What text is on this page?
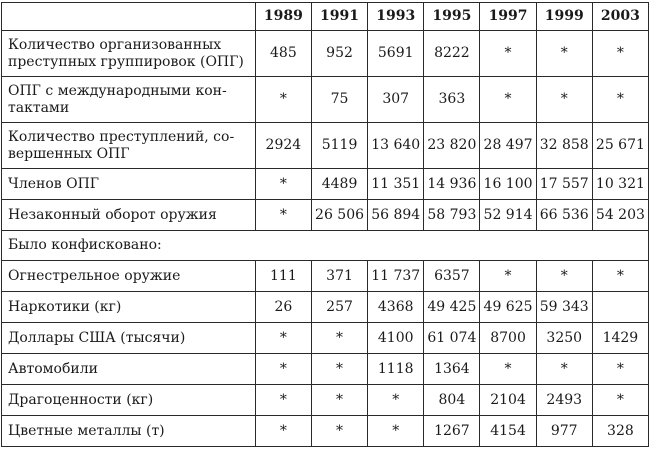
	1989	1991	1993	1995	1997	1999	2003
Количество организованных преступных группировок (ОПГ)	485	952	5691	8222	*	*	*
ОПГ с международными кон-тактами	*	75	307	363	*	*	*
Количество преступлений, со-вершенных ОПГ	2924	5119	13 640	23 820	28 497	32 858	25 671
Членов ОПГ	*	4489	11 351	14 936	16 100	17 557	10 321
Незаконный оборот оружия	*	26 506	56 894	58 793	52 914	66 536	54 203
Было конфисковано:							
Огнестрельное оружие	111	371	11 737	6357	*	*	*
Наркотики (кг)	26	257	4368	49 425	49 625	59 343	
Доллары США (тысячи)	*	*	4100	61 074	8700	3250	1429
Автомобили	*	*	1118	1364	*	*	*
Драгоценности (кг)	*	*	*	804	2104	2493	*
Цветные металлы (т)	*	*	*	1267	4154	977	328
